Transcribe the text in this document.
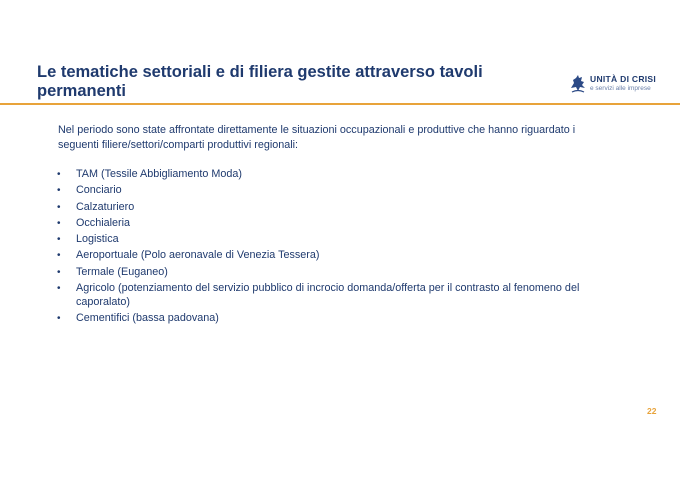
Le tematiche settoriali e di filiera gestite attraverso tavoli permanenti
UNITÀ DI CRISI
e servizi alle imprese
Nel periodo sono state affrontate direttamente le situazioni occupazionali e produttive che hanno riguardato i seguenti filiere/settori/comparti produttivi regionali:
• TAM (Tessile Abbigliamento Moda)
• Conciario
• Calzaturiero
• Occhialeria
• Logistica
• Aeroportuale (Polo aeronavale di Venezia Tessera)
• Termale (Euganeo)
• Agricolo (potenziamento del servizio pubblico di incrocio domanda/offerta per il contrasto al fenomeno del caporalato)
• Cementifici (bassa padovana)
22
